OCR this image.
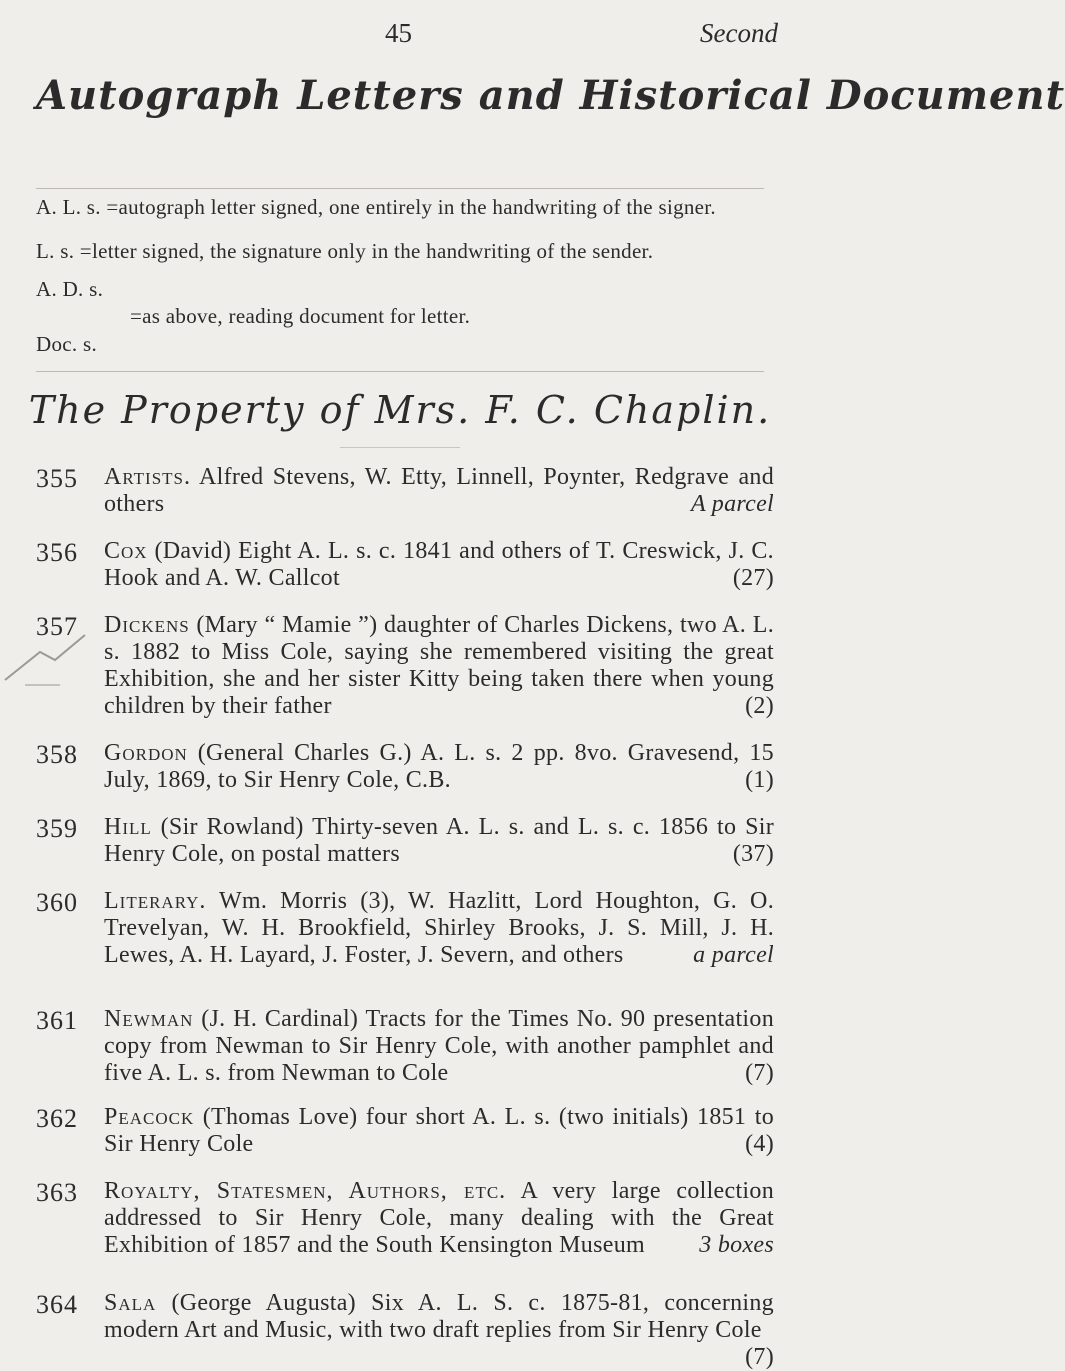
45	Second
Autograph Letters and Historical Document
A. L. s. =autograph letter signed, one entirely in the handwriting of the signer.
L. s. =letter signed, the signature only in the handwriting of the sender.
A. D. s.
Doc. s.
=as above, reading document for letter.
The Property of Mrs. F. C. Chaplin.
355 Artists. Alfred Stevens, W. Etty, Linnell, Poynter, Redgrave and others	A parcel
356 Cox (David) Eight A. L. s. c. 1841 and others of T. Creswick, J. C. Hook and A. W. Callcot	(27)
357 Dickens (Mary “ Mamie ”) daughter of Charles Dickens, two A. L. s. 1882 to Miss Cole, saying she remembered visiting the great Exhibition, she and her sister Kitty being taken there when young children by their father	(2)
358 Gordon (General Charles G.) A. L. s. 2 pp. 8vo. Gravesend, 15 July, 1869, to Sir Henry Cole, C.B.	(1)
359 Hill (Sir Rowland) Thirty-seven A. L. s. and L. s. c. 1856 to Sir Henry Cole, on postal matters	(37)
360 Literary. Wm. Morris (3), W. Hazlitt, Lord Houghton, G. O. Trevelyan, W. H. Brookfield, Shirley Brooks, J. S. Mill, J. H. Lewes, A. H. Layard, J. Foster, J. Severn, and others	a parcel
361 Newman (J. H. Cardinal) Tracts for the Times No. 90 presentation copy from Newman to Sir Henry Cole, with another pamphlet and five A. L. s. from Newman to Cole	(7)
362 Peacock (Thomas Love) four short A. L. s. (two initials) 1851 to Sir Henry Cole	(4)
363 Royalty, Statesmen, Authors, etc. A very large collection addressed to Sir Henry Cole, many dealing with the Great Exhibition of 1857 and the South Kensington Museum 3 boxes
364 Sala (George Augusta) Six A. L. S. c. 1875-81, concerning modern Art and Music, with two draft replies from Sir Henry Cole
(7)
